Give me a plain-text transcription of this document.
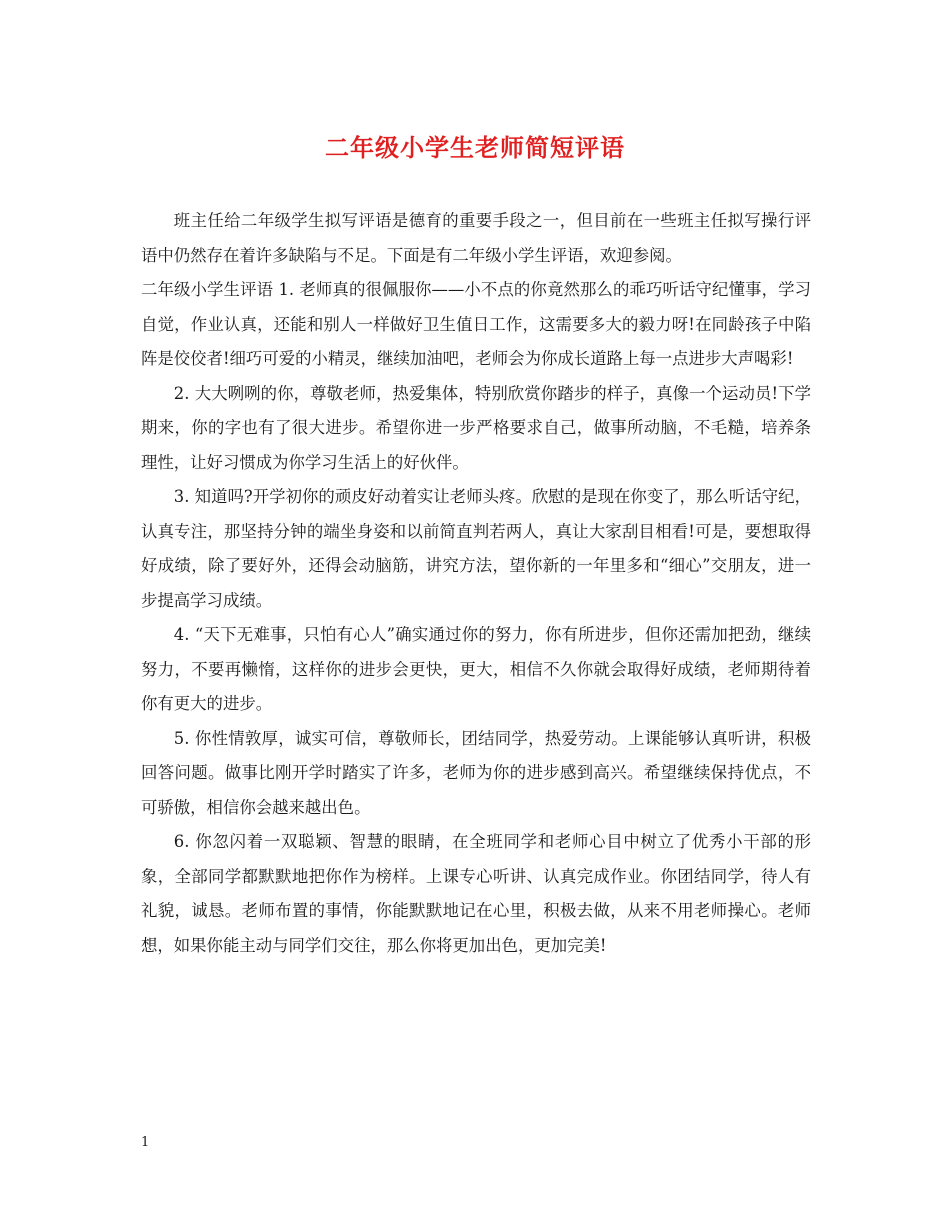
二年级小学生老师简短评语

班主任给二年级学生拟写评语是德育的重要手段之一，但目前在一些班主任拟写操行评语中仍然存在着许多缺陷与不足。下面是有二年级小学生评语，欢迎参阅。

二年级小学生评语 1. 老师真的很佩服你——小不点的你竟然那么的乖巧听话守纪懂事，学习自觉，作业认真，还能和别人一样做好卫生值日工作，这需要多大的毅力呀!在同龄孩子中陷阵是佼佼者!细巧可爱的小精灵，继续加油吧，老师会为你成长道路上每一点进步大声喝彩!

2. 大大咧咧的你，尊敬老师，热爱集体，特别欣赏你踏步的样子，真像一个运动员!下学期来，你的字也有了很大进步。希望你进一步严格要求自己，做事所动脑，不毛糙，培养条理性，让好习惯成为你学习生活上的好伙伴。

3. 知道吗?开学初你的顽皮好动着实让老师头疼。欣慰的是现在你变了，那么听话守纪，认真专注，那坚持分钟的端坐身姿和以前简直判若两人，真让大家刮目相看!可是，要想取得好成绩，除了要好外，还得会动脑筋，讲究方法，望你新的一年里多和“细心”交朋友，进一步提高学习成绩。

4. “天下无难事，只怕有心人”确实通过你的努力，你有所进步，但你还需加把劲，继续努力，不要再懒惰，这样你的进步会更快，更大，相信不久你就会取得好成绩，老师期待着你有更大的进步。

5. 你性情敦厚，诚实可信，尊敬师长，团结同学，热爱劳动。上课能够认真听讲，积极回答问题。做事比刚开学时踏实了许多，老师为你的进步感到高兴。希望继续保持优点，不可骄傲，相信你会越来越出色。

6. 你忽闪着一双聪颖、智慧的眼睛，在全班同学和老师心目中树立了优秀小干部的形象，全部同学都默默地把你作为榜样。上课专心听讲、认真完成作业。你团结同学，待人有礼貌，诚恳。老师布置的事情，你能默默地记在心里，积极去做，从来不用老师操心。老师想，如果你能主动与同学们交往，那么你将更加出色，更加完美!

1
